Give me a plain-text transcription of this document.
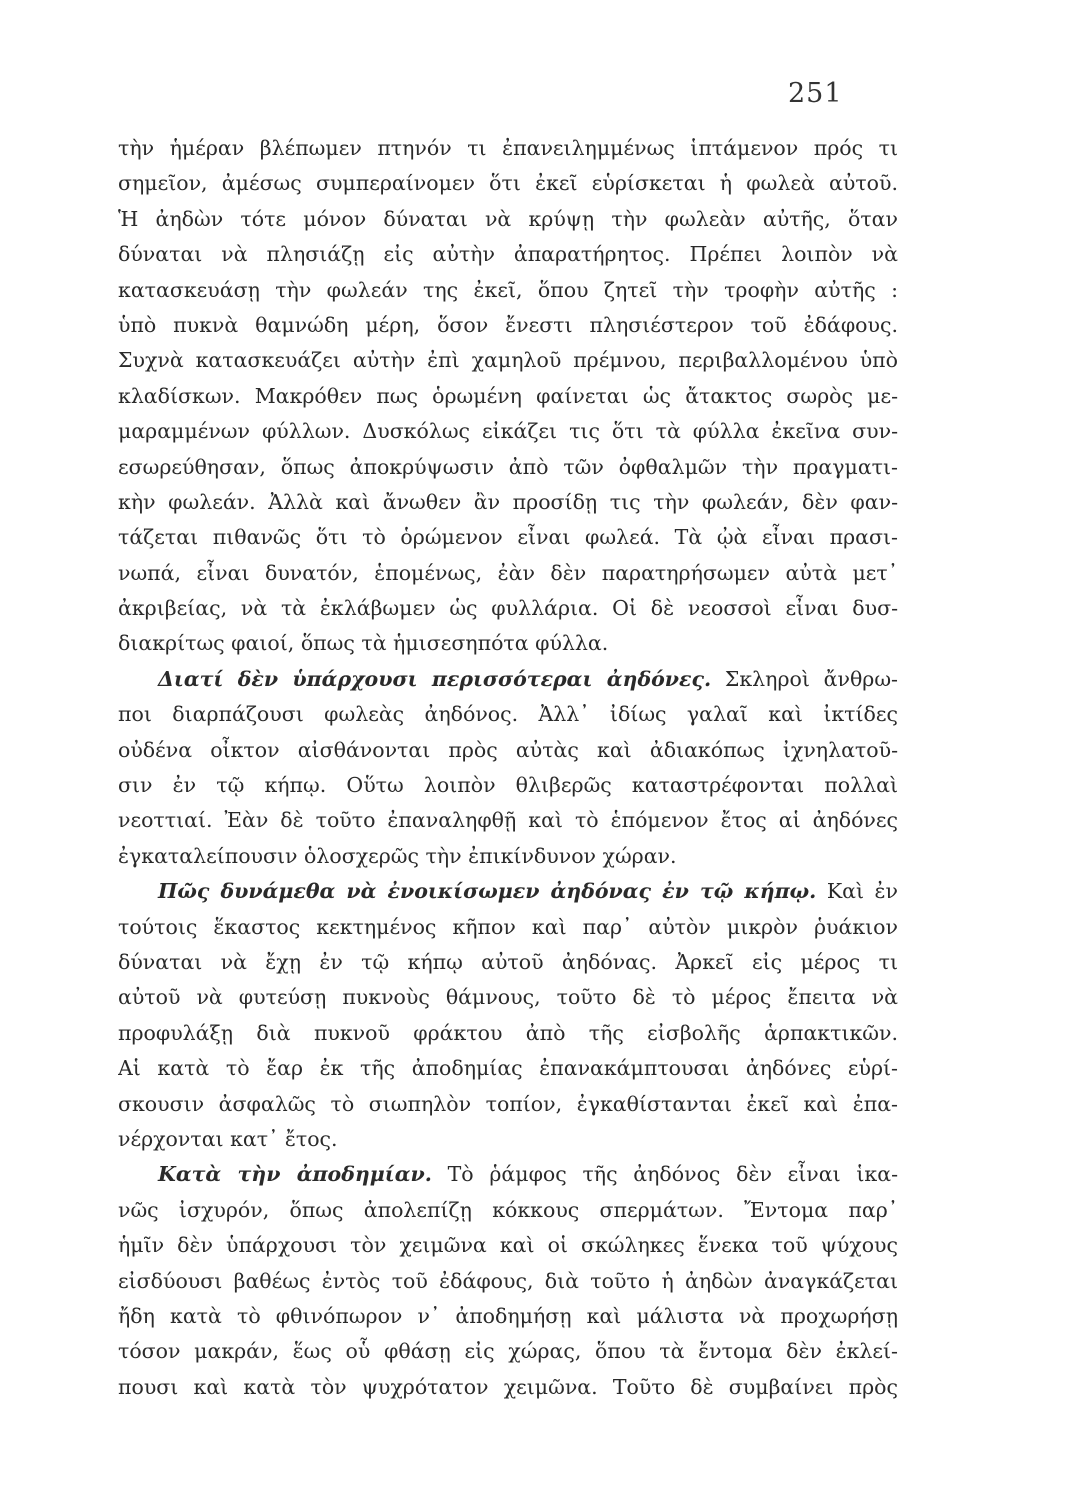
251
τὴν ἡμέραν βλέπωμεν πτηνόν τι ἐπανειλημμένως ἱπτάμενον πρός τι
σημεῖον, ἀμέσως συμπεραίνομεν ὅτι ἐκεῖ εὑρίσκεται ἡ φωλεὰ αὐτοῦ.
Ἡ ἀηδὼν τότε μόνον δύναται νὰ κρύψῃ τὴν φωλεὰν αὐτῆς, ὅταν
δύναται νὰ πλησιάζῃ εἰς αὐτὴν ἀπαρατήρητος. Πρέπει λοιπὸν νὰ
κατασκευάσῃ τὴν φωλεάν της ἐκεῖ, ὅπου ζητεῖ τὴν τροφὴν αὐτῆς :
ὑπὸ πυκνὰ θαμνώδη μέρη, ὅσον ἔνεστι πλησιέστερον τοῦ ἐδάφους.
Συχνὰ κατασκευάζει αὐτὴν ἐπὶ χαμηλοῦ πρέμνου, περιβαλλομένου ὑπὸ
κλαδίσκων. Μακρόθεν πως ὁρωμένη φαίνεται ὡς ἄτακτος σωρὸς με-
μαραμμένων φύλλων. Δυσκόλως εἰκάζει τις ὅτι τὰ φύλλα ἐκεῖνα συν-
εσωρεύθησαν, ὅπως ἀποκρύψωσιν ἀπὸ τῶν ὀφθαλμῶν τὴν πραγματι-
κὴν φωλεάν. Ἀλλὰ καὶ ἄνωθεν ἂν προσίδῃ τις τὴν φωλεάν, δὲν φαν-
τάζεται πιθανῶς ὅτι τὸ ὁρώμενον εἶναι φωλεά. Τὰ ᾠὰ εἶναι πρασι-
νωπά, εἶναι δυνατόν, ἑπομένως, ἐὰν δὲν παρατηρήσωμεν αὐτὰ μετ᾽
ἀκριβείας, νὰ τὰ ἐκλάβωμεν ὡς φυλλάρια. Οἱ δὲ νεοσσοὶ εἶναι δυσ-
διακρίτως φαιοί, ὅπως τὰ ἡμισεσηπότα φύλλα.
Διατί δὲν ὑπάρχουσι περισσότεραι ἀηδόνες. Σκληροὶ ἄνθρω-
ποι διαρπάζουσι φωλεὰς ἀηδόνος. Ἀλλ᾽ ἰδίως γαλαῖ καὶ ἰκτίδες
οὐδένα οἶκτον αἰσθάνονται πρὸς αὐτὰς καὶ ἀδιακόπως ἰχνηλατοῦ-
σιν ἐν τῷ κήπῳ. Οὕτω λοιπὸν θλιβερῶς καταστρέφονται πολλαὶ
νεοττιαί. Ἐὰν δὲ τοῦτο ἐπαναληφθῇ καὶ τὸ ἑπόμενον ἔτος αἱ ἀηδόνες
ἐγκαταλείπουσιν ὁλοσχερῶς τὴν ἐπικίνδυνον χώραν.
Πῶς δυνάμεθα νὰ ἐνοικίσωμεν ἀηδόνας ἐν τῷ κήπῳ. Καὶ ἐν
τούτοις ἕκαστος κεκτημένος κῆπον καὶ παρ᾽ αὐτὸν μικρὸν ῥυάκιον
δύναται νὰ ἔχῃ ἐν τῷ κήπῳ αὐτοῦ ἀηδόνας. Ἀρκεῖ εἰς μέρος τι
αὐτοῦ νὰ φυτεύσῃ πυκνοὺς θάμνους, τοῦτο δὲ τὸ μέρος ἔπειτα νὰ
προφυλάξῃ διὰ πυκνοῦ φράκτου ἀπὸ τῆς εἰσβολῆς ἁρπακτικῶν.
Αἱ κατὰ τὸ ἔαρ ἐκ τῆς ἀποδημίας ἐπανακάμπτουσαι ἀηδόνες εὑρί-
σκουσιν ἀσφαλῶς τὸ σιωπηλὸν τοπίον, ἐγκαθίστανται ἐκεῖ καὶ ἐπα-
νέρχονται κατ᾽ ἔτος.
Κατὰ τὴν ἀποδημίαν. Τὸ ῥάμφος τῆς ἀηδόνος δὲν εἶναι ἱκα-
νῶς ἰσχυρόν, ὅπως ἀπολεπίζῃ κόκκους σπερμάτων. Ἔντομα παρ᾽
ἡμῖν δὲν ὑπάρχουσι τὸν χειμῶνα καὶ οἱ σκώληκες ἕνεκα τοῦ ψύχους
εἰσδύουσι βαθέως ἐντὸς τοῦ ἐδάφους, διὰ τοῦτο ἡ ἀηδὼν ἀναγκάζεται
ἤδη κατὰ τὸ φθινόπωρον ν᾽ ἀποδημήσῃ καὶ μάλιστα νὰ προχωρήσῃ
τόσον μακράν, ἕως οὗ φθάσῃ εἰς χώρας, ὅπου τὰ ἔντομα δὲν ἐκλεί-
πουσι καὶ κατὰ τὸν ψυχρότατον χειμῶνα. Τοῦτο δὲ συμβαίνει πρὸς
